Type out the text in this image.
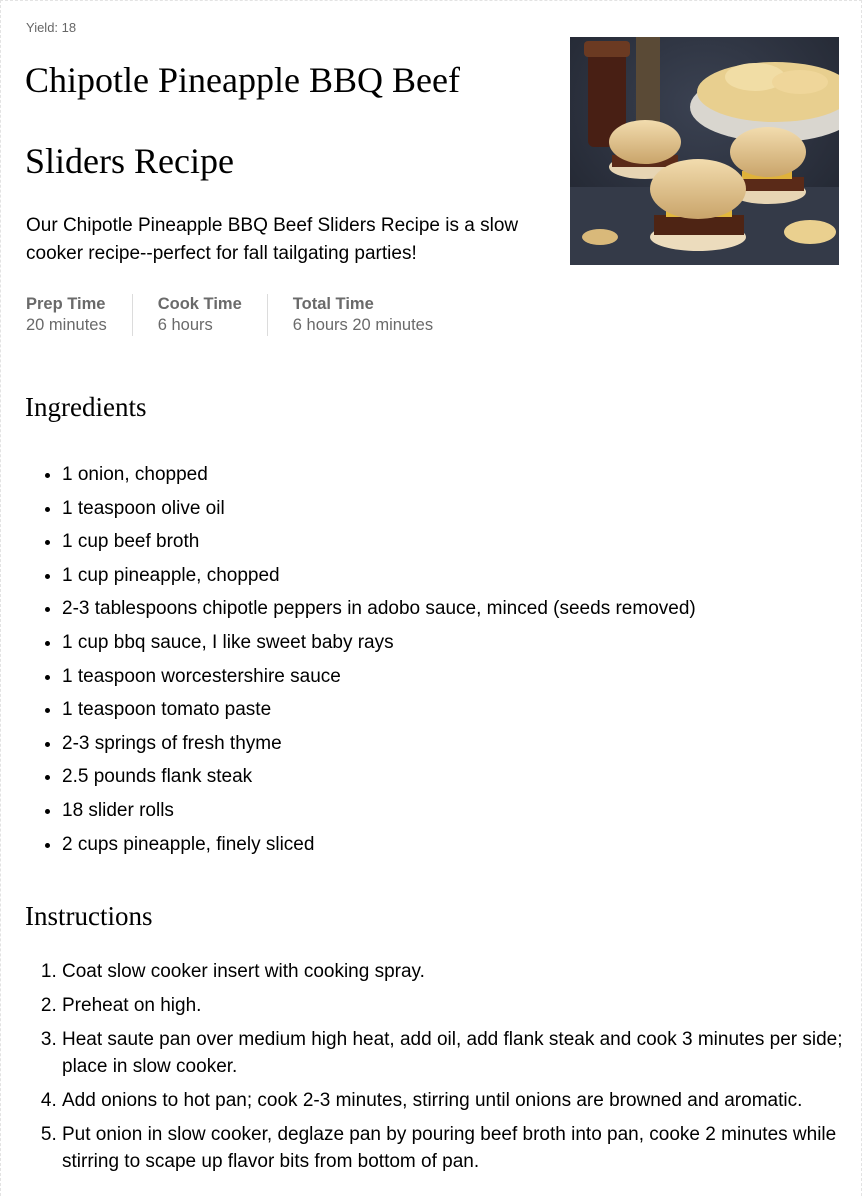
Yield: 18
Chipotle Pineapple BBQ Beef Sliders Recipe

Our Chipotle Pineapple BBQ Beef Sliders Recipe is a slow cooker recipe--perfect for fall tailgating parties!

Prep Time
20 minutes
Cook Time
6 hours
Total Time
6 hours 20 minutes
Ingredients
• 1 onion, chopped
• 1 teaspoon olive oil
• 1 cup beef broth
• 1 cup pineapple, chopped
• 2-3 tablespoons chipotle peppers in adobo sauce, minced (seeds removed)
• 1 cup bbq sauce, I like sweet baby rays
• 1 teaspoon worcestershire sauce
• 1 teaspoon tomato paste
• 2-3 springs of fresh thyme
• 2.5 pounds flank steak
• 18 slider rolls
• 2 cups pineapple, finely sliced
Instructions
1. Coat slow cooker insert with cooking spray.
2. Preheat on high.
3. Heat saute pan over medium high heat, add oil, add flank steak and cook 3 minutes per side; place in slow cooker.
4. Add onions to hot pan; cook 2-3 minutes, stirring until onions are browned and aromatic.
5. Put onion in slow cooker, deglaze pan by pouring beef broth into pan, cooke 2 minutes while stirring to scape up flavor bits from bottom of pan.
